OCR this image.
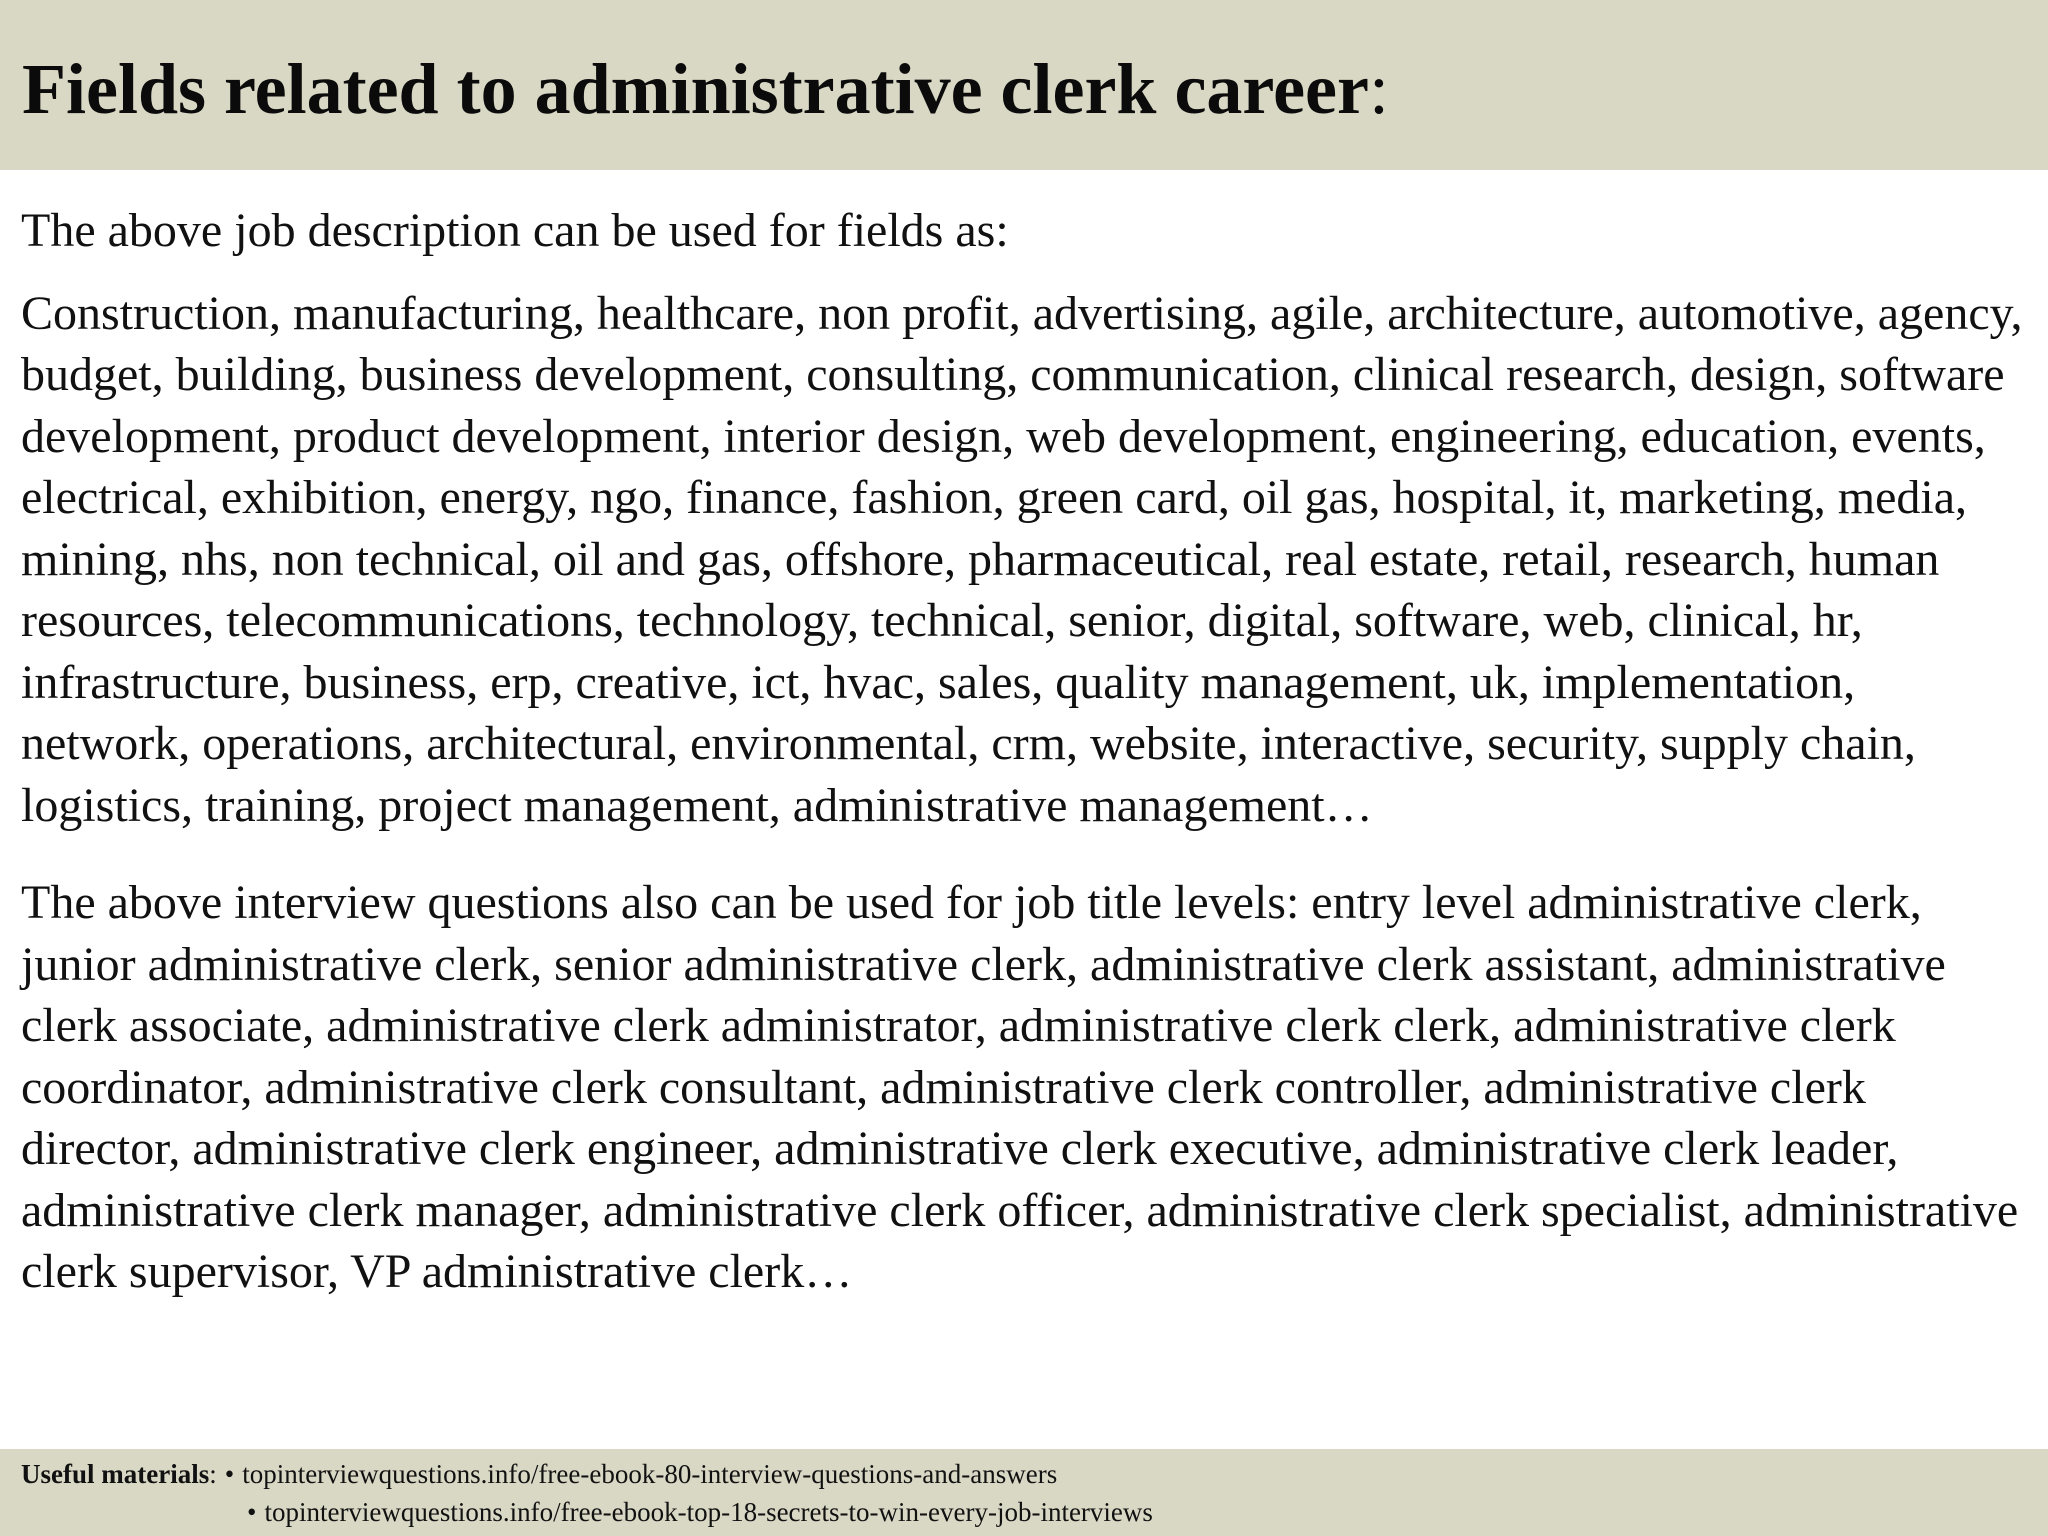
Fields related to administrative clerk career:

The above job description can be used for fields as:

Construction, manufacturing, healthcare, non profit, advertising, agile, architecture, automotive, agency, budget, building, business development, consulting, communication, clinical research, design, software development, product development, interior design, web development, engineering, education, events, electrical, exhibition, energy, ngo, finance, fashion, green card, oil gas, hospital, it, marketing, media, mining, nhs, non technical, oil and gas, offshore, pharmaceutical, real estate, retail, research, human resources, telecommunications, technology, technical, senior, digital, software, web, clinical, hr, infrastructure, business, erp, creative, ict, hvac, sales, quality management, uk, implementation, network, operations, architectural, environmental, crm, website, interactive, security, supply chain, logistics, training, project management, administrative management…

The above interview questions also can be used for job title levels: entry level administrative clerk, junior administrative clerk, senior administrative clerk, administrative clerk assistant, administrative clerk associate, administrative clerk administrator, administrative clerk clerk, administrative clerk coordinator, administrative clerk consultant, administrative clerk controller, administrative clerk director, administrative clerk engineer, administrative clerk executive, administrative clerk leader, administrative clerk manager, administrative clerk officer, administrative clerk specialist, administrative clerk supervisor, VP administrative clerk…

Useful materials : • topinterviewquestions.info/free-ebook-80-interview-questions-and-answers
• topinterviewquestions.info/free-ebook-top-18-secrets-to-win-every-job-interviews
